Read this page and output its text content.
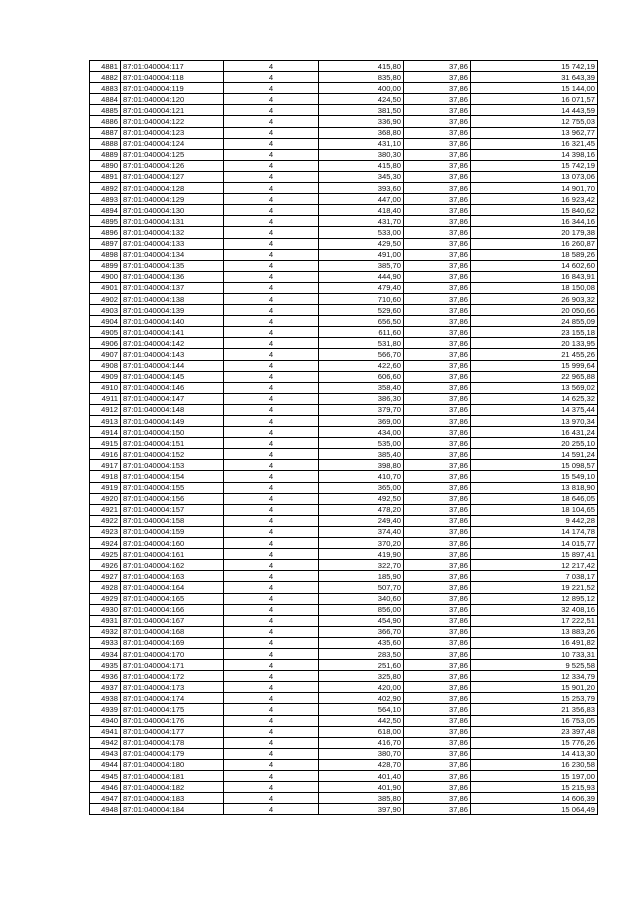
4881	87:01:040004:117	4	415,80	37,86	15 742,19
4882	87:01:040004:118	4	835,80	37,86	31 643,39
4883	87:01:040004:119	4	400,00	37,86	15 144,00
4884	87:01:040004:120	4	424,50	37,86	16 071,57
4885	87:01:040004:121	4	381,50	37,86	14 443,59
4886	87:01:040004:122	4	336,90	37,86	12 755,03
4887	87:01:040004:123	4	368,80	37,86	13 962,77
4888	87:01:040004:124	4	431,10	37,86	16 321,45
4889	87:01:040004:125	4	380,30	37,86	14 398,16
4890	87:01:040004:126	4	415,80	37,86	15 742,19
4891	87:01:040004:127	4	345,30	37,86	13 073,06
4892	87:01:040004:128	4	393,60	37,86	14 901,70
4893	87:01:040004:129	4	447,00	37,86	16 923,42
4894	87:01:040004:130	4	418,40	37,86	15 840,62
4895	87:01:040004:131	4	431,70	37,86	16 344,16
4896	87:01:040004:132	4	533,00	37,86	20 179,38
4897	87:01:040004:133	4	429,50	37,86	16 260,87
4898	87:01:040004:134	4	491,00	37,86	18 589,26
4899	87:01:040004:135	4	385,70	37,86	14 602,60
4900	87:01:040004:136	4	444,90	37,86	16 843,91
4901	87:01:040004:137	4	479,40	37,86	18 150,08
4902	87:01:040004:138	4	710,60	37,86	26 903,32
4903	87:01:040004:139	4	529,60	37,86	20 050,66
4904	87:01:040004:140	4	656,50	37,86	24 855,09
4905	87:01:040004:141	4	611,60	37,86	23 155,18
4906	87:01:040004:142	4	531,80	37,86	20 133,95
4907	87:01:040004:143	4	566,70	37,86	21 455,26
4908	87:01:040004:144	4	422,60	37,86	15 999,64
4909	87:01:040004:145	4	606,60	37,86	22 965,88
4910	87:01:040004:146	4	358,40	37,86	13 569,02
4911	87:01:040004:147	4	386,30	37,86	14 625,32
4912	87:01:040004:148	4	379,70	37,86	14 375,44
4913	87:01:040004:149	4	369,00	37,86	13 970,34
4914	87:01:040004:150	4	434,00	37,86	16 431,24
4915	87:01:040004:151	4	535,00	37,86	20 255,10
4916	87:01:040004:152	4	385,40	37,86	14 591,24
4917	87:01:040004:153	4	398,80	37,86	15 098,57
4918	87:01:040004:154	4	410,70	37,86	15 549,10
4919	87:01:040004:155	4	365,00	37,86	13 818,90
4920	87:01:040004:156	4	492,50	37,86	18 646,05
4921	87:01:040004:157	4	478,20	37,86	18 104,65
4922	87:01:040004:158	4	249,40	37,86	9 442,28
4923	87:01:040004:159	4	374,40	37,86	14 174,78
4924	87:01:040004:160	4	370,20	37,86	14 015,77
4925	87:01:040004:161	4	419,90	37,86	15 897,41
4926	87:01:040004:162	4	322,70	37,86	12 217,42
4927	87:01:040004:163	4	185,90	37,86	7 038,17
4928	87:01:040004:164	4	507,70	37,86	19 221,52
4929	87:01:040004:165	4	340,60	37,86	12 895,12
4930	87:01:040004:166	4	856,00	37,86	32 408,16
4931	87:01:040004:167	4	454,90	37,86	17 222,51
4932	87:01:040004:168	4	366,70	37,86	13 883,26
4933	87:01:040004:169	4	435,60	37,86	16 491,82
4934	87:01:040004:170	4	283,50	37,86	10 733,31
4935	87:01:040004:171	4	251,60	37,86	9 525,58
4936	87:01:040004:172	4	325,80	37,86	12 334,79
4937	87:01:040004:173	4	420,00	37,86	15 901,20
4938	87:01:040004:174	4	402,90	37,86	15 253,79
4939	87:01:040004:175	4	564,10	37,86	21 356,83
4940	87:01:040004:176	4	442,50	37,86	16 753,05
4941	87:01:040004:177	4	618,00	37,86	23 397,48
4942	87:01:040004:178	4	416,70	37,86	15 776,26
4943	87:01:040004:179	4	380,70	37,86	14 413,30
4944	87:01:040004:180	4	428,70	37,86	16 230,58
4945	87:01:040004:181	4	401,40	37,86	15 197,00
4946	87:01:040004:182	4	401,90	37,86	15 215,93
4947	87:01:040004:183	4	385,80	37,86	14 606,39
4948	87:01:040004:184	4	397,90	37,86	15 064,49
